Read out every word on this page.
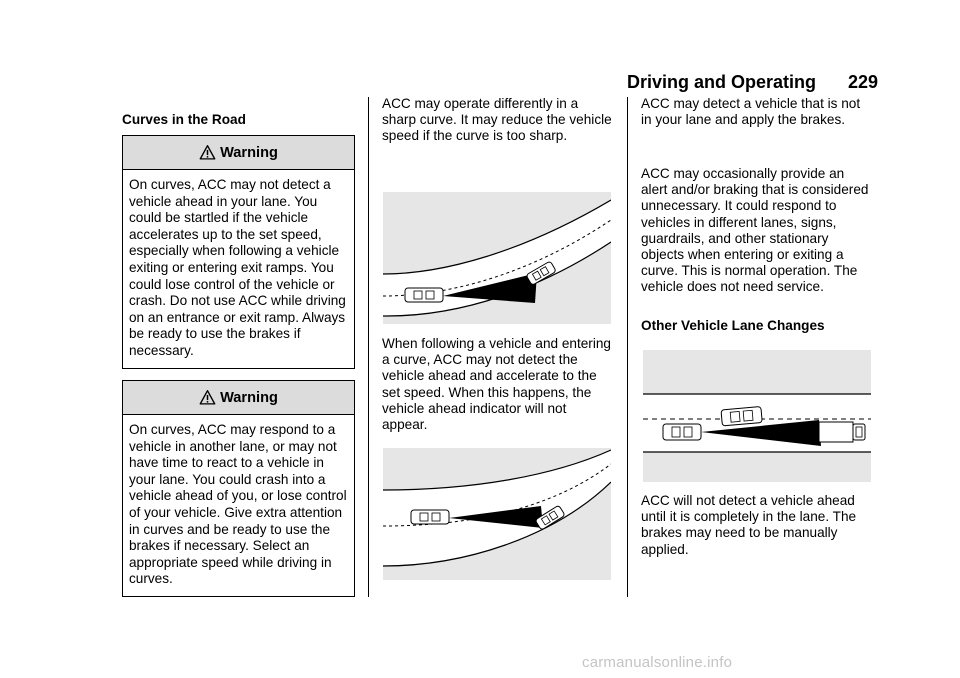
Driving and Operating 229
Curves in the Road
Warning
On curves, ACC may not detect a vehicle ahead in your lane. You could be startled if the vehicle accelerates up to the set speed, especially when following a vehicle exiting or entering exit ramps. You could lose control of the vehicle or crash. Do not use ACC while driving on an entrance or exit ramp. Always be ready to use the brakes if necessary.
Warning
On curves, ACC may respond to a vehicle in another lane, or may not have time to react to a vehicle in your lane. You could crash into a vehicle ahead of you, or lose control of your vehicle. Give extra attention in curves and be ready to use the brakes if necessary. Select an appropriate speed while driving in curves.
ACC may operate differently in a sharp curve. It may reduce the vehicle speed if the curve is too sharp.
When following a vehicle and entering a curve, ACC may not detect the vehicle ahead and accelerate to the set speed. When this happens, the vehicle ahead indicator will not appear.
ACC may detect a vehicle that is not in your lane and apply the brakes.
ACC may occasionally provide an alert and/or braking that is considered unnecessary. It could respond to vehicles in different lanes, signs, guardrails, and other stationary objects when entering or exiting a curve. This is normal operation. The vehicle does not need service.
Other Vehicle Lane Changes
ACC will not detect a vehicle ahead until it is completely in the lane. The brakes may need to be manually applied.
carmanualsonline.info
